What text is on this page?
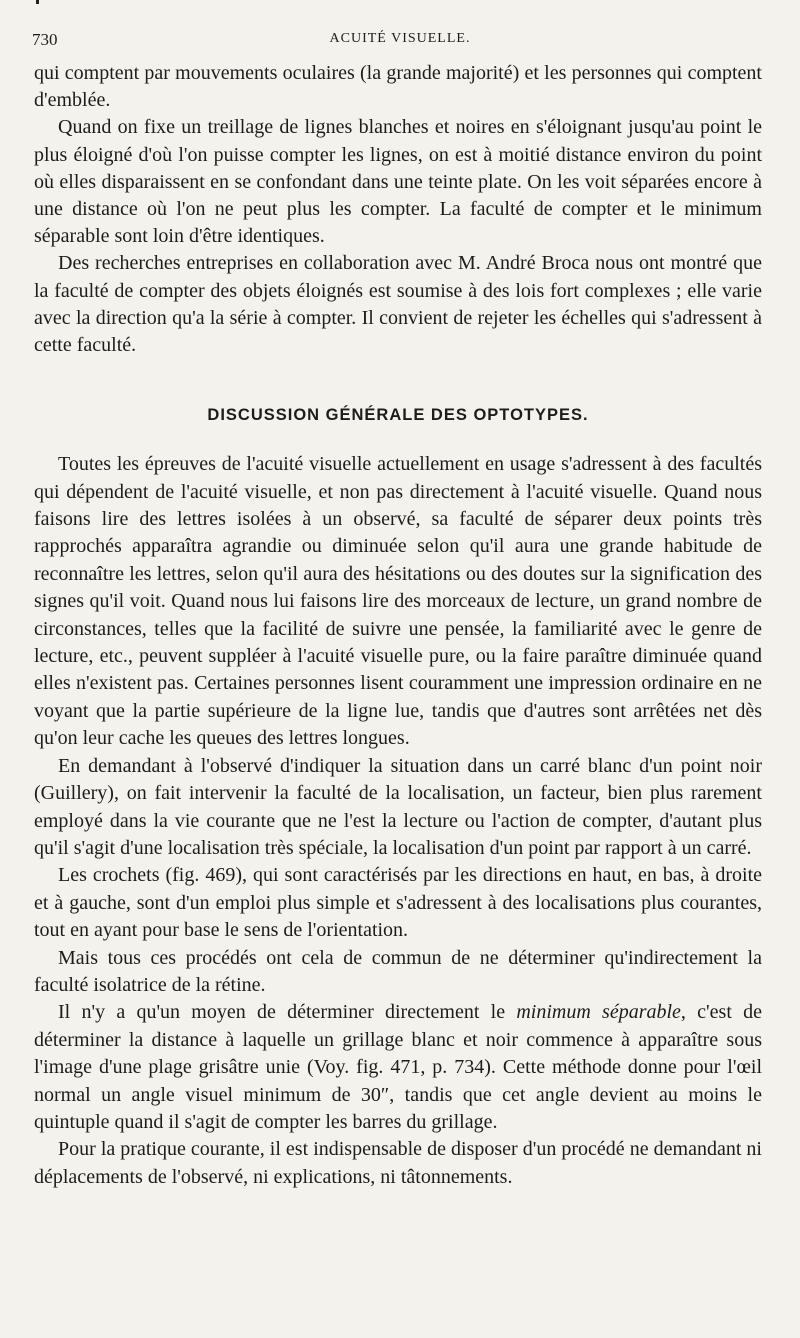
730	ACUITÉ VISUELLE.

qui comptent par mouvements oculaires (la grande majorité) et les personnes qui comptent d'emblée.

Quand on fixe un treillage de lignes blanches et noires en s'éloignant jusqu'au point le plus éloigné d'où l'on puisse compter les lignes, on est à moitié distance environ du point où elles disparaissent en se confondant dans une teinte plate. On les voit séparées encore à une distance où l'on ne peut plus les compter. La faculté de compter et le minimum séparable sont loin d'être identiques.

Des recherches entreprises en collaboration avec M. André Broca nous ont montré que la faculté de compter des objets éloignés est soumise à des lois fort complexes ; elle varie avec la direction qu'a la série à compter. Il convient de rejeter les échelles qui s'adressent à cette faculté.

DISCUSSION GÉNÉRALE DES OPTOTYPES.

Toutes les épreuves de l'acuité visuelle actuellement en usage s'adressent à des facultés qui dépendent de l'acuité visuelle, et non pas directement à l'acuité visuelle. Quand nous faisons lire des lettres isolées à un observé, sa faculté de séparer deux points très rapprochés apparaîtra agrandie ou diminuée selon qu'il aura une grande habitude de reconnaître les lettres, selon qu'il aura des hésitations ou des doutes sur la signification des signes qu'il voit. Quand nous lui faisons lire des morceaux de lecture, un grand nombre de circonstances, telles que la facilité de suivre une pensée, la familiarité avec le genre de lecture, etc., peuvent suppléer à l'acuité visuelle pure, ou la faire paraître diminuée quand elles n'existent pas. Certaines personnes lisent couramment une impression ordinaire en ne voyant que la partie supérieure de la ligne lue, tandis que d'autres sont arrêtées net dès qu'on leur cache les queues des lettres longues.

En demandant à l'observé d'indiquer la situation dans un carré blanc d'un point noir (Guillery), on fait intervenir la faculté de la localisation, un facteur, bien plus rarement employé dans la vie courante que ne l'est la lecture ou l'action de compter, d'autant plus qu'il s'agit d'une localisation très spéciale, la localisation d'un point par rapport à un carré.

Les crochets (fig. 469), qui sont caractérisés par les directions en haut, en bas, à droite et à gauche, sont d'un emploi plus simple et s'adressent à des localisations plus courantes, tout en ayant pour base le sens de l'orientation.

Mais tous ces procédés ont cela de commun de ne déterminer qu'indirectement la faculté isolatrice de la rétine.

Il n'y a qu'un moyen de déterminer directement le minimum séparable, c'est de déterminer la distance à laquelle un grillage blanc et noir commence à apparaître sous l'image d'une plage grisâtre unie (Voy. fig. 471, p. 734). Cette méthode donne pour l'œil normal un angle visuel minimum de 30″, tandis que cet angle devient au moins le quintuple quand il s'agit de compter les barres du grillage.

Pour la pratique courante, il est indispensable de disposer d'un procédé ne demandant ni déplacements de l'observé, ni explications, ni tâtonnements.
